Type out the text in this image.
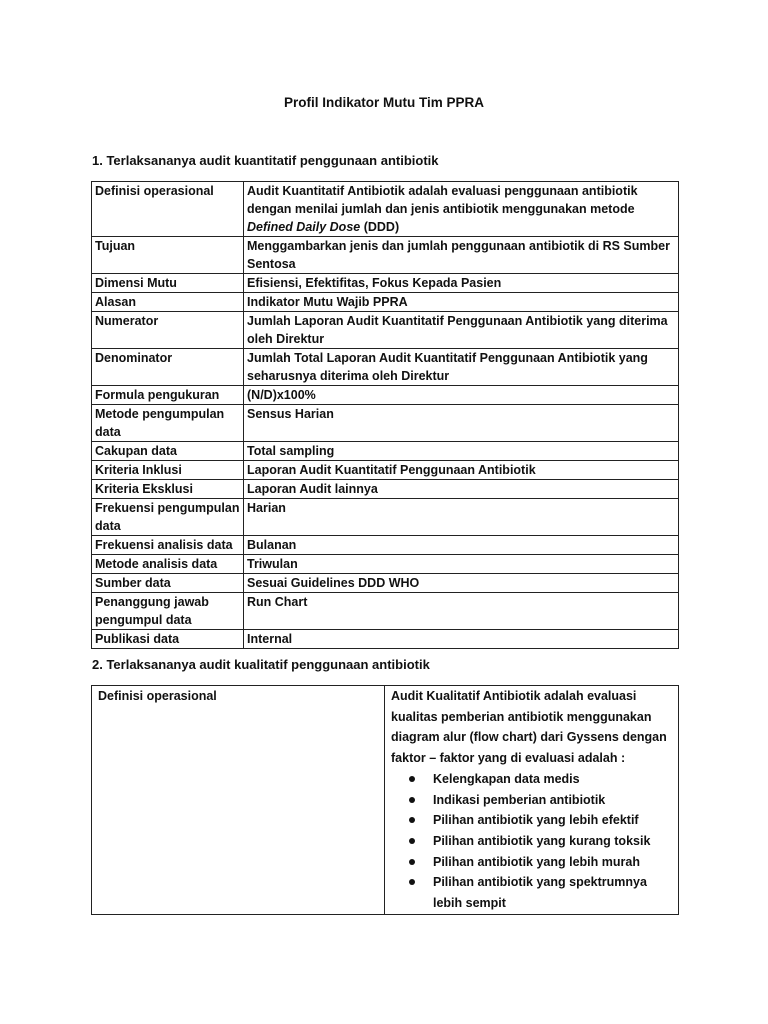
Profil Indikator Mutu Tim PPRA
1. Terlaksananya audit kuantitatif penggunaan antibiotik
Definisi operasional	Audit Kuantitatif Antibiotik adalah evaluasi penggunaan antibiotik dengan menilai jumlah dan jenis antibiotik menggunakan metode Defined Daily Dose (DDD)
Tujuan	Menggambarkan jenis dan jumlah penggunaan antibiotik di RS Sumber Sentosa
Dimensi Mutu	Efisiensi, Efektifitas, Fokus Kepada Pasien
Alasan	Indikator Mutu Wajib PPRA
Numerator	Jumlah Laporan Audit Kuantitatif Penggunaan Antibiotik yang diterima oleh Direktur
Denominator	Jumlah Total Laporan Audit Kuantitatif Penggunaan Antibiotik yang seharusnya diterima oleh Direktur
Formula pengukuran	(N/D)x100%
Metode pengumpulan data	Sensus Harian
Cakupan data	Total sampling
Kriteria Inklusi	Laporan Audit Kuantitatif Penggunaan Antibiotik
Kriteria Eksklusi	Laporan Audit lainnya
Frekuensi pengumpulan data	Harian
Frekuensi analisis data	Bulanan
Metode analisis data	Triwulan
Sumber data	Sesuai Guidelines DDD WHO
Penanggung jawab pengumpul data	Run Chart
Publikasi data	Internal
2. Terlaksananya audit kualitatif penggunaan antibiotik
Definisi operasional	Audit Kualitatif Antibiotik adalah evaluasi kualitas pemberian antibiotik menggunakan diagram alur (flow chart) dari Gyssens dengan faktor – faktor yang di evaluasi adalah :
Kelengkapan data medis
Indikasi pemberian antibiotik
Pilihan antibiotik yang lebih efektif
Pilihan antibiotik yang kurang toksik
Pilihan antibiotik yang lebih murah
Pilihan antibiotik yang spektrumnya lebih sempit
